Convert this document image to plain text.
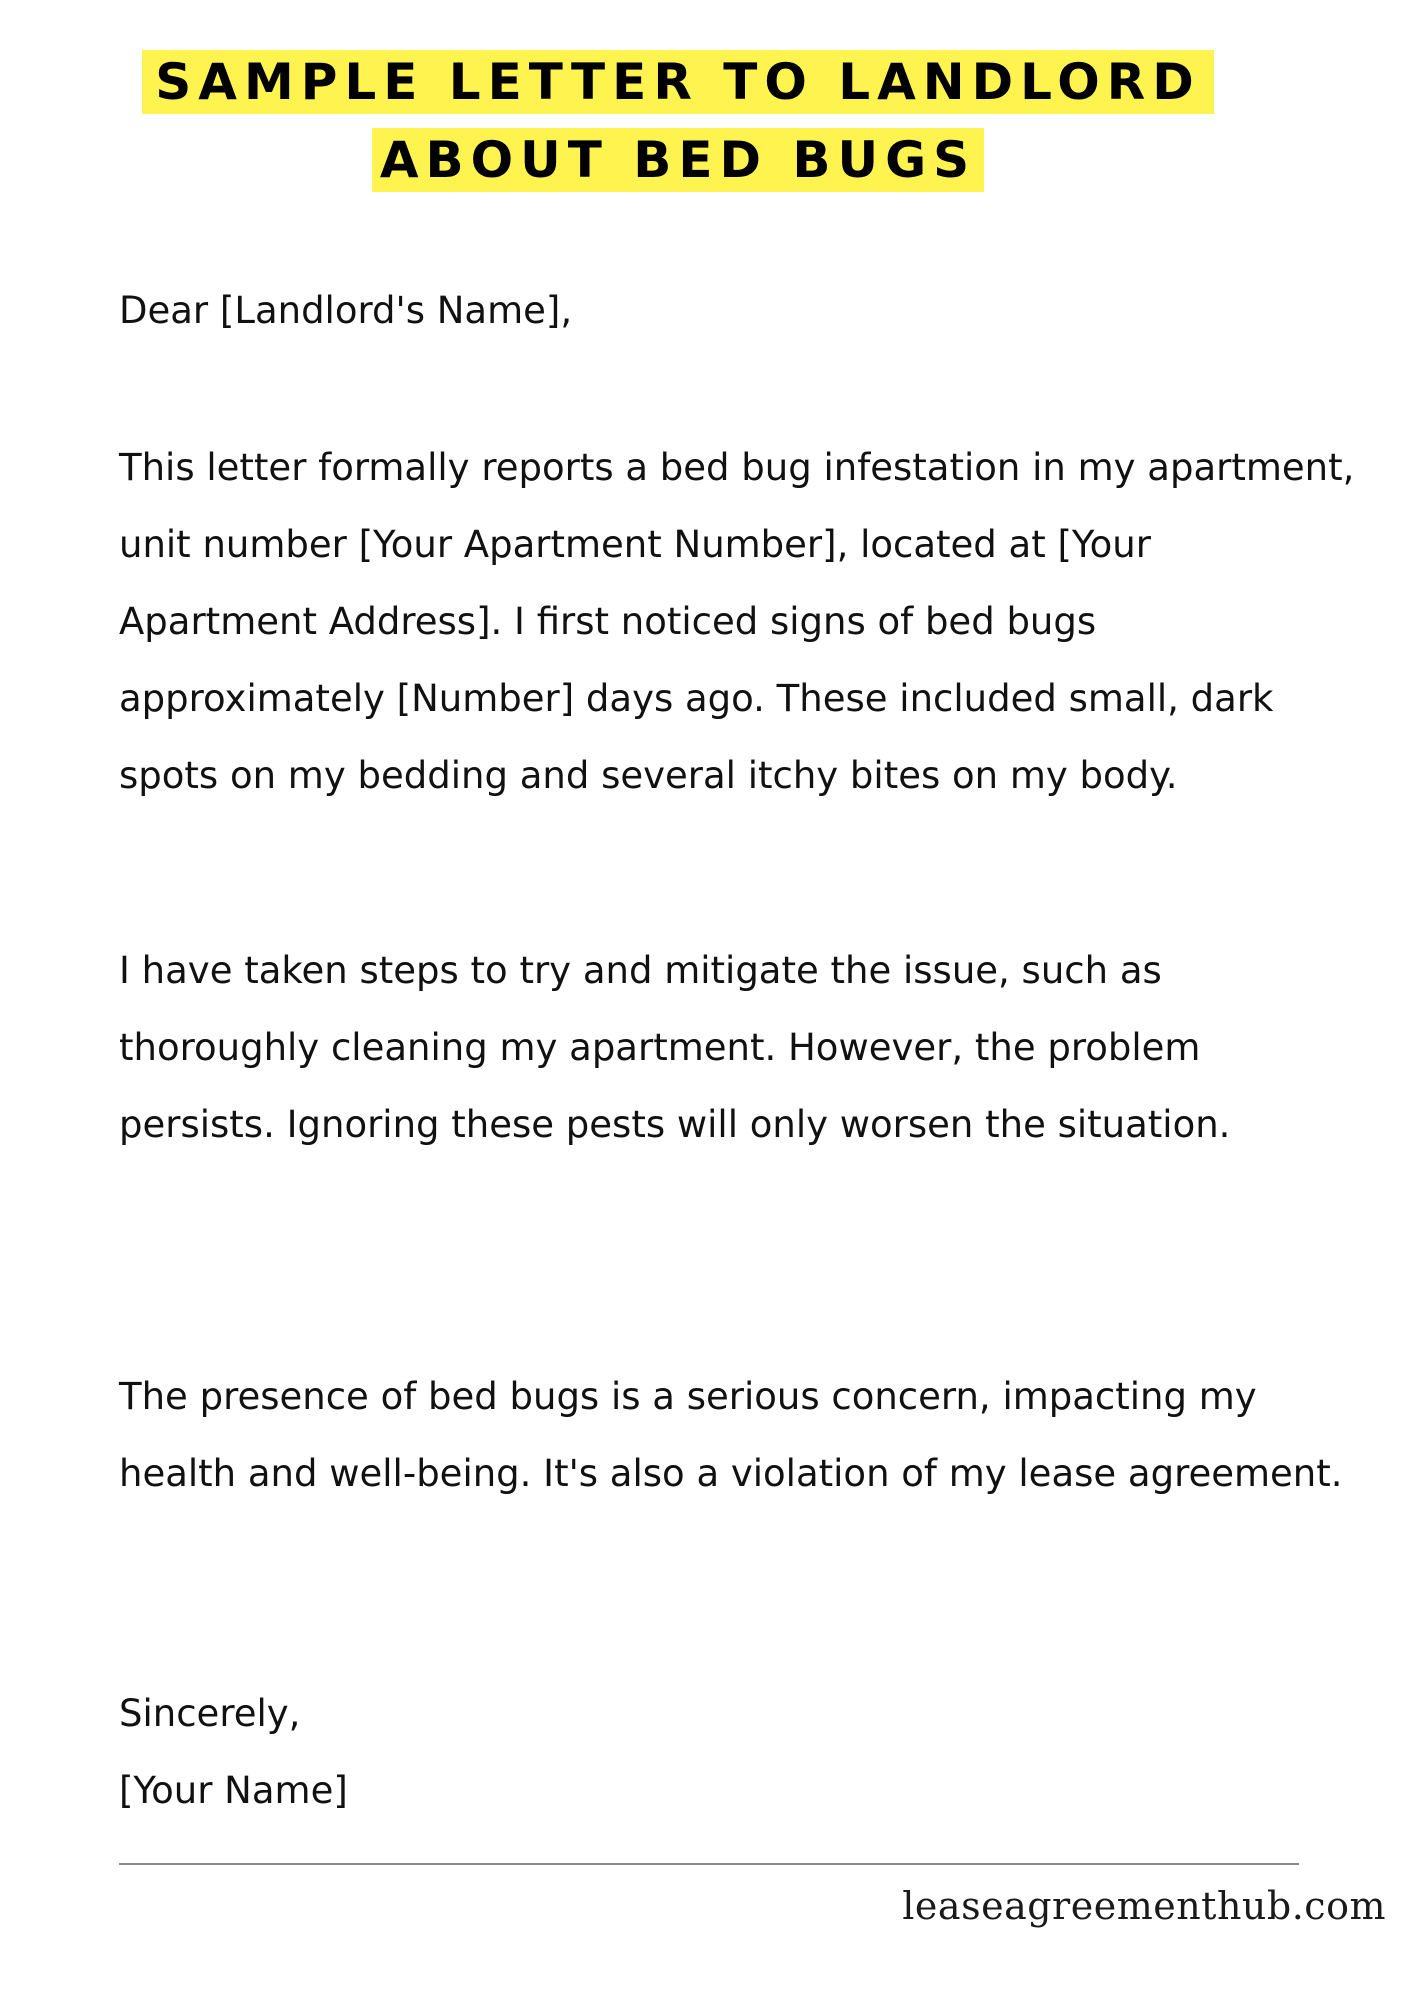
SAMPLE LETTER TO LANDLORD
ABOUT BED BUGS
Dear [Landlord's Name],

This letter formally reports a bed bug infestation in my apartment, unit number [Your Apartment Number], located at [Your Apartment Address]. I first noticed signs of bed bugs approximately [Number] days ago. These included small, dark spots on my bedding and several itchy bites on my body.

I have taken steps to try and mitigate the issue, such as thoroughly cleaning my apartment. However, the problem persists. Ignoring these pests will only worsen the situation.

The presence of bed bugs is a serious concern, impacting my health and well-being. It's also a violation of my lease agreement.

Sincerely,
[Your Name]
leaseagreementhub.com
